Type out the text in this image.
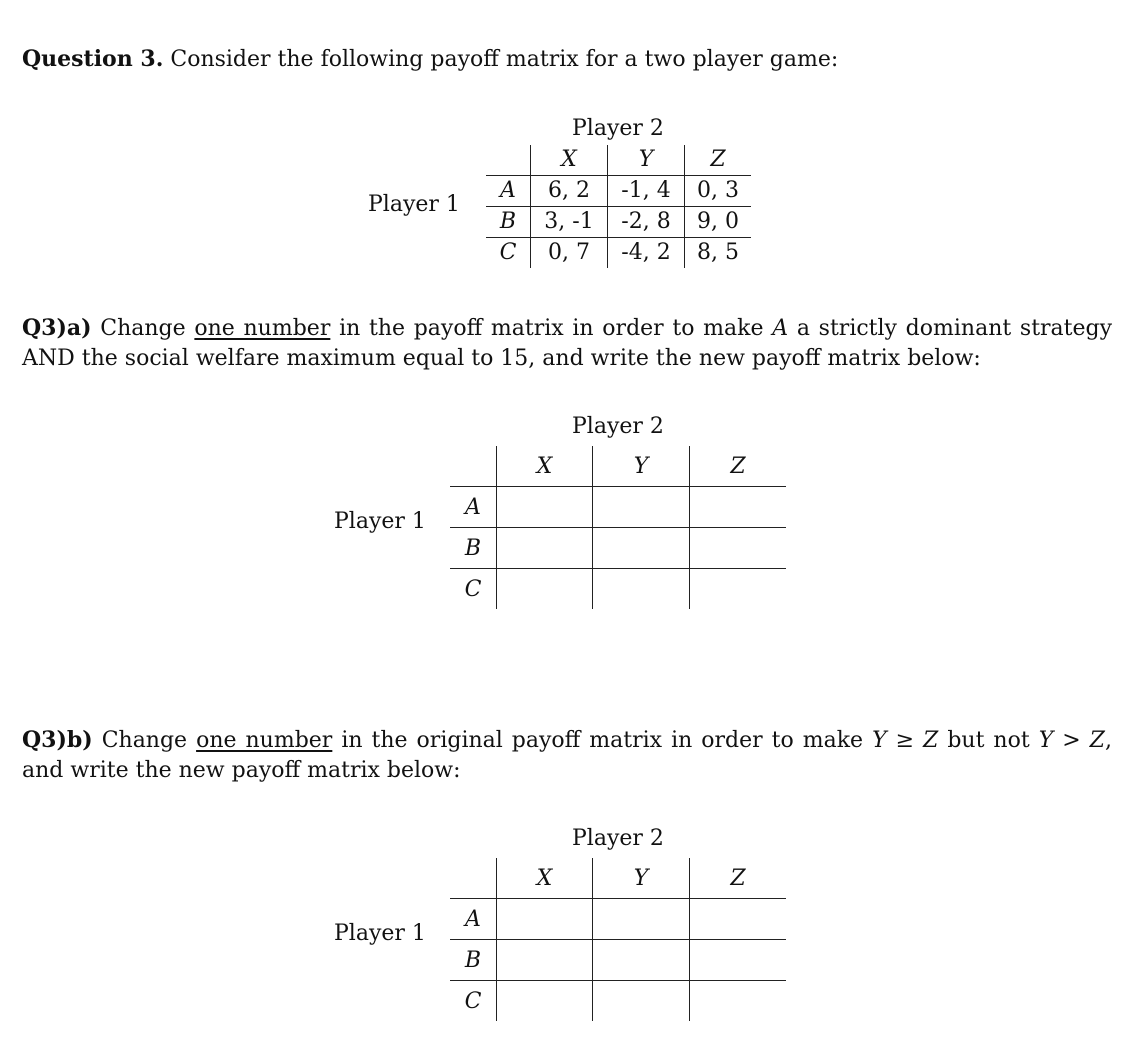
Question 3. Consider the following payoff matrix for a two player game:

Player 2
Player 1
	X	Y	Z
A	6, 2	-1, 4	0, 3
B	3, -1	-2, 8	9, 0
C	0, 7	-4, 2	8, 5

Q3)a) Change one number in the payoff matrix in order to make A a strictly dominant strategy AND the social welfare maximum equal to 15, and write the new payoff matrix below:

Player 2
Player 1
	X	Y	Z
A			
B			
C			

Q3)b) Change one number in the original payoff matrix in order to make Y ≥ Z but not Y > Z, and write the new payoff matrix below:

Player 2
Player 1
	X	Y	Z
A			
B			
C			
